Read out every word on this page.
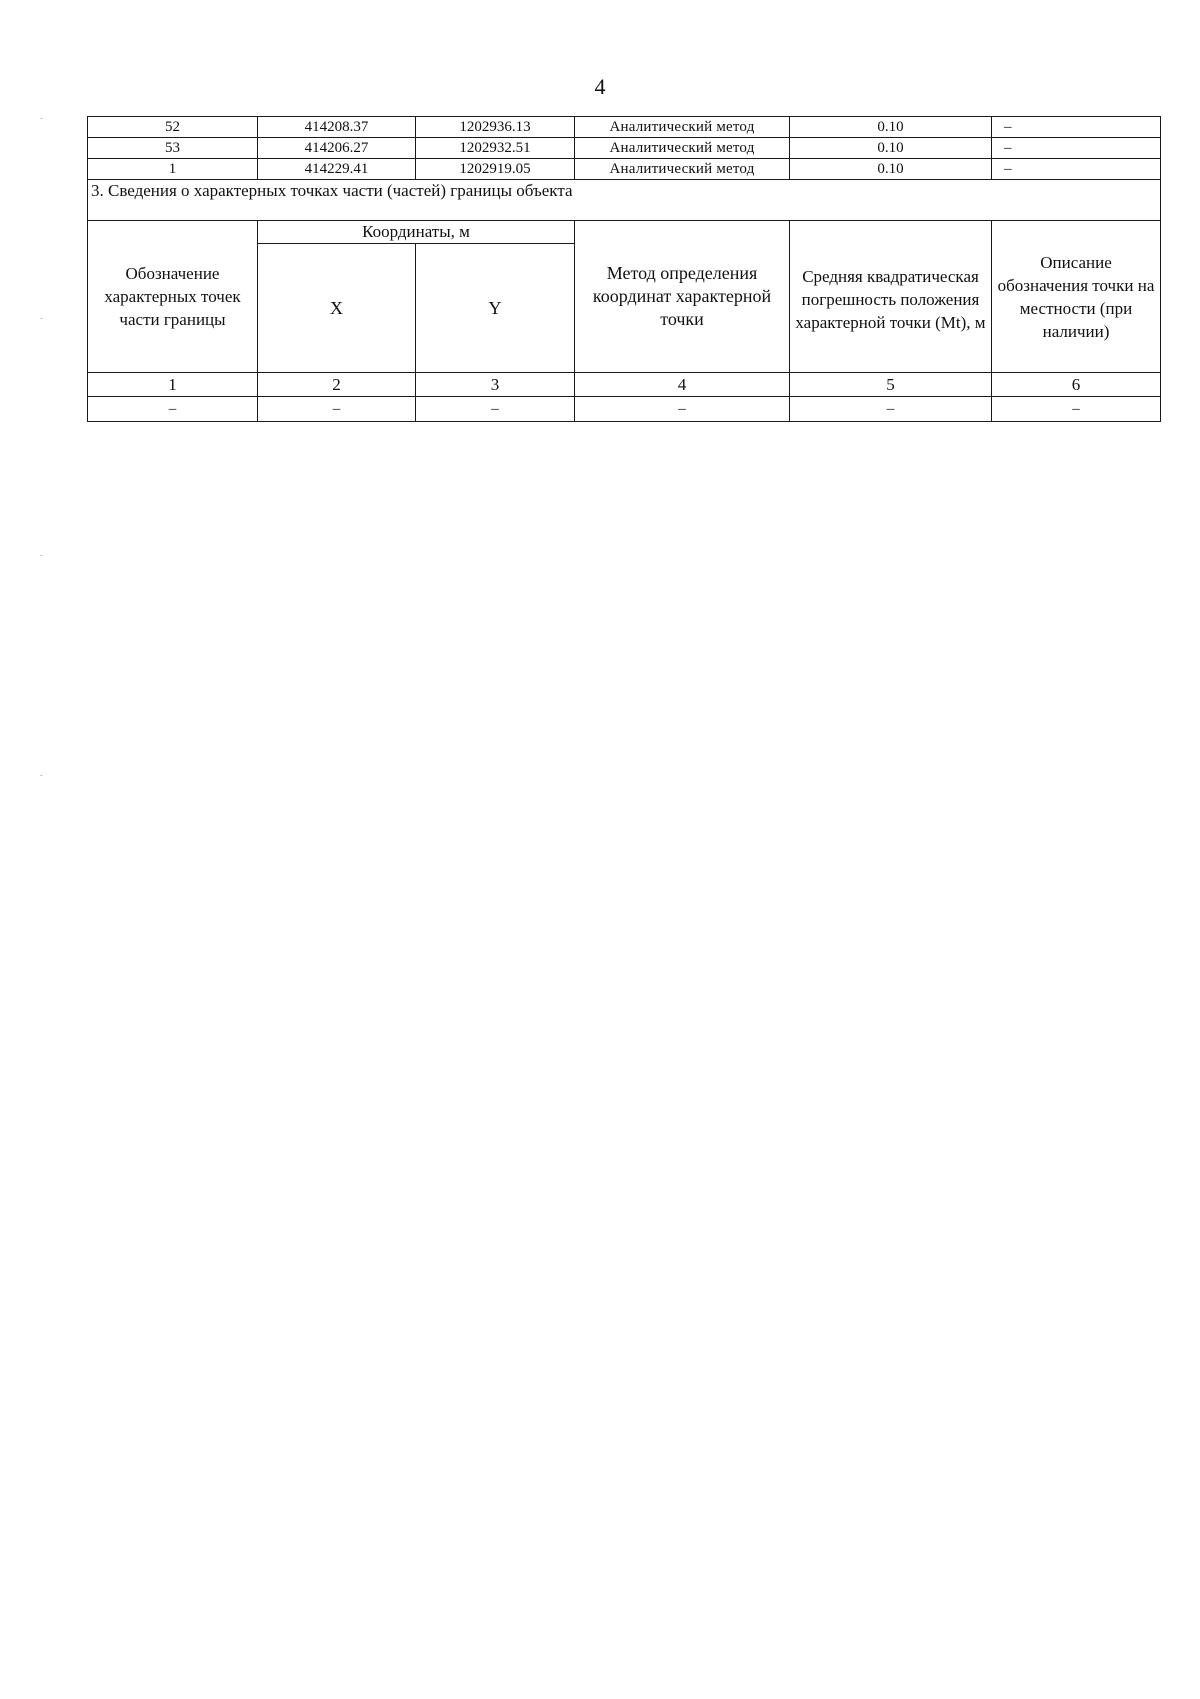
4
52	414208.37	1202936.13	Аналитический метод	0.10	–
53	414206.27	1202932.51	Аналитический метод	0.10	–
1	414229.41	1202919.05	Аналитический метод	0.10	–
3. Сведения о характерных точках части (частей) границы объекта					
Обозначение характерных точек части границы	Координаты, м		Метод определения координат характерной точки	Средняя квадратическая погрешность положения характерной точки (Mt), м	Описание обозначения точки на местности (при наличии)
	X	Y			
1	2	3	4	5	6
–	–	–	–	–	–
